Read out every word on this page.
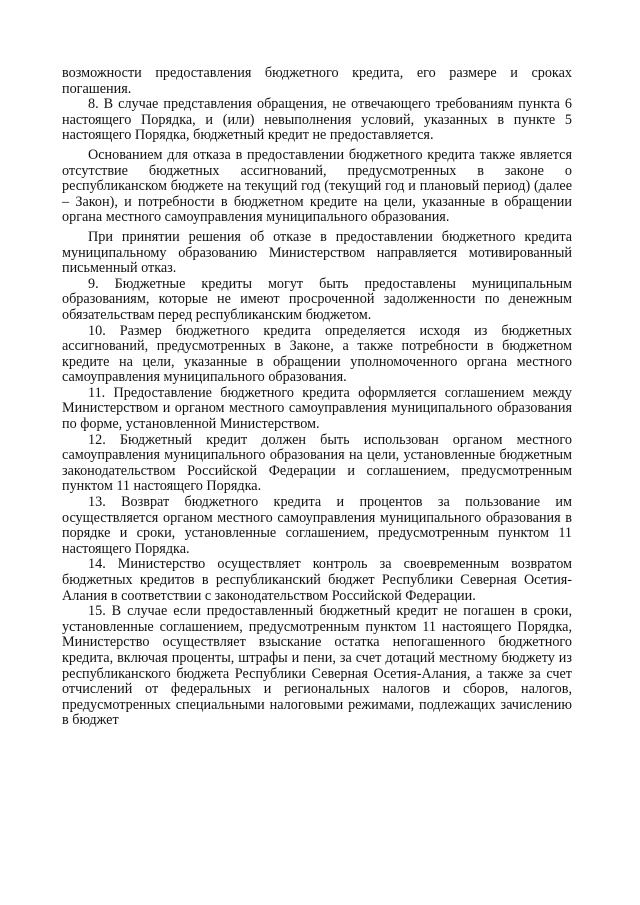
возможности предоставления бюджетного кредита, его размере и сроках погашения.

8. В случае представления обращения, не отвечающего требованиям пункта 6 настоящего Порядка, и (или) невыполнения условий, указанных в пункте 5 настоящего Порядка, бюджетный кредит не предоставляется.

Основанием для отказа в предоставлении бюджетного кредита также является отсутствие бюджетных ассигнований, предусмотренных в законе о республиканском бюджете на текущий год (текущий год и плановый период) (далее – Закон), и потребности в бюджетном кредите на цели, указанные в обращении органа местного самоуправления муниципального образования.

При принятии решения об отказе в предоставлении бюджетного кредита муниципальному образованию Министерством направляется мотивированный письменный отказ.

9. Бюджетные кредиты могут быть предоставлены муниципальным образованиям, которые не имеют просроченной задолженности по денежным обязательствам перед республиканским бюджетом.

10. Размер бюджетного кредита определяется исходя из бюджетных ассигнований, предусмотренных в Законе, а также потребности в бюджетном кредите на цели, указанные в обращении уполномоченного органа местного самоуправления муниципального образования.

11. Предоставление бюджетного кредита оформляется соглашением между Министерством и органом местного самоуправления муниципального образования по форме, установленной Министерством.

12. Бюджетный кредит должен быть использован органом местного самоуправления муниципального образования на цели, установленные бюджетным законодательством Российской Федерации и соглашением, предусмотренным пунктом 11 настоящего Порядка.

13. Возврат бюджетного кредита и процентов за пользование им осуществляется органом местного самоуправления муниципального образования в порядке и сроки, установленные соглашением, предусмотренным пунктом 11 настоящего Порядка.

14. Министерство осуществляет контроль за своевременным возвратом бюджетных кредитов в республиканский бюджет Республики Северная Осетия-Алания в соответствии с законодательством Российской Федерации.

15. В случае если предоставленный бюджетный кредит не погашен в сроки, установленные соглашением, предусмотренным пунктом 11 настоящего Порядка, Министерство осуществляет взыскание остатка непогашенного бюджетного кредита, включая проценты, штрафы и пени, за счет дотаций местному бюджету из республиканского бюджета Республики Северная Осетия-Алания, а также за счет отчислений от федеральных и региональных налогов и сборов, налогов, предусмотренных специальными налоговыми режимами, подлежащих зачислению в бюджет
